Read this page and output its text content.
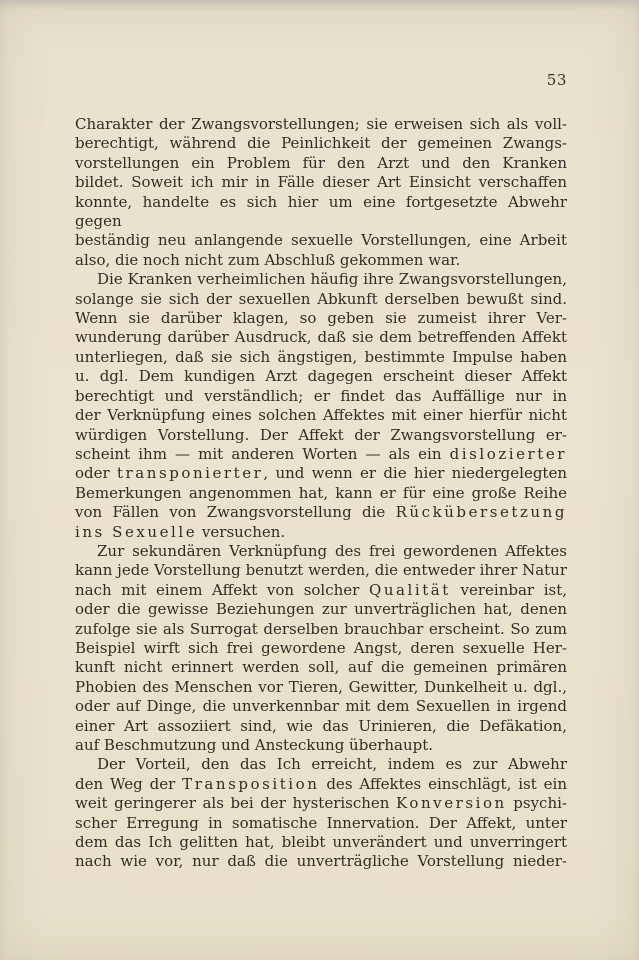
53
Charakter der Zwangsvorstellungen; sie erweisen sich als voll-
berechtigt, während die Peinlichkeit der gemeinen Zwangs-
vorstellungen ein Problem für den Arzt und den Kranken
bildet. Soweit ich mir in Fälle dieser Art Einsicht verschaffen
konnte, handelte es sich hier um eine fortgesetzte Abwehr gegen
beständig neu anlangende sexuelle Vorstellungen, eine Arbeit
also, die noch nicht zum Abschluß gekommen war.
Die Kranken verheimlichen häufig ihre Zwangsvorstellungen,
solange sie sich der sexuellen Abkunft derselben bewußt sind.
Wenn sie darüber klagen, so geben sie zumeist ihrer Ver-
wunderung darüber Ausdruck, daß sie dem betreffenden Affekt
unterliegen, daß sie sich ängstigen, bestimmte Impulse haben
u. dgl. Dem kundigen Arzt dagegen erscheint dieser Affekt
berechtigt und verständlich; er findet das Auffällige nur in
der Verknüpfung eines solchen Affektes mit einer hierfür nicht
würdigen Vorstellung. Der Affekt der Zwangsvorstellung er-
scheint ihm — mit anderen Worten — als ein dislozierter
oder transponierter, und wenn er die hier niedergelegten
Bemerkungen angenommen hat, kann er für eine große Reihe
von Fällen von Zwangsvorstellung die Rückübersetzung
ins Sexuelle versuchen.
Zur sekundären Verknüpfung des frei gewordenen Affektes
kann jede Vorstellung benutzt werden, die entweder ihrer Natur
nach mit einem Affekt von solcher Qualität vereinbar ist,
oder die gewisse Beziehungen zur unverträglichen hat, denen
zufolge sie als Surrogat derselben brauchbar erscheint. So zum
Beispiel wirft sich frei gewordene Angst, deren sexuelle Her-
kunft nicht erinnert werden soll, auf die gemeinen primären
Phobien des Menschen vor Tieren, Gewitter, Dunkelheit u. dgl.,
oder auf Dinge, die unverkennbar mit dem Sexuellen in irgend
einer Art assoziiert sind, wie das Urinieren, die Defäkation,
auf Beschmutzung und Ansteckung überhaupt.
Der Vorteil, den das Ich erreicht, indem es zur Abwehr
den Weg der Transposition des Affektes einschlägt, ist ein
weit geringerer als bei der hysterischen Konversion psychi-
scher Erregung in somatische Innervation. Der Affekt, unter
dem das Ich gelitten hat, bleibt unverändert und unverringert
nach wie vor, nur daß die unverträgliche Vorstellung nieder-
